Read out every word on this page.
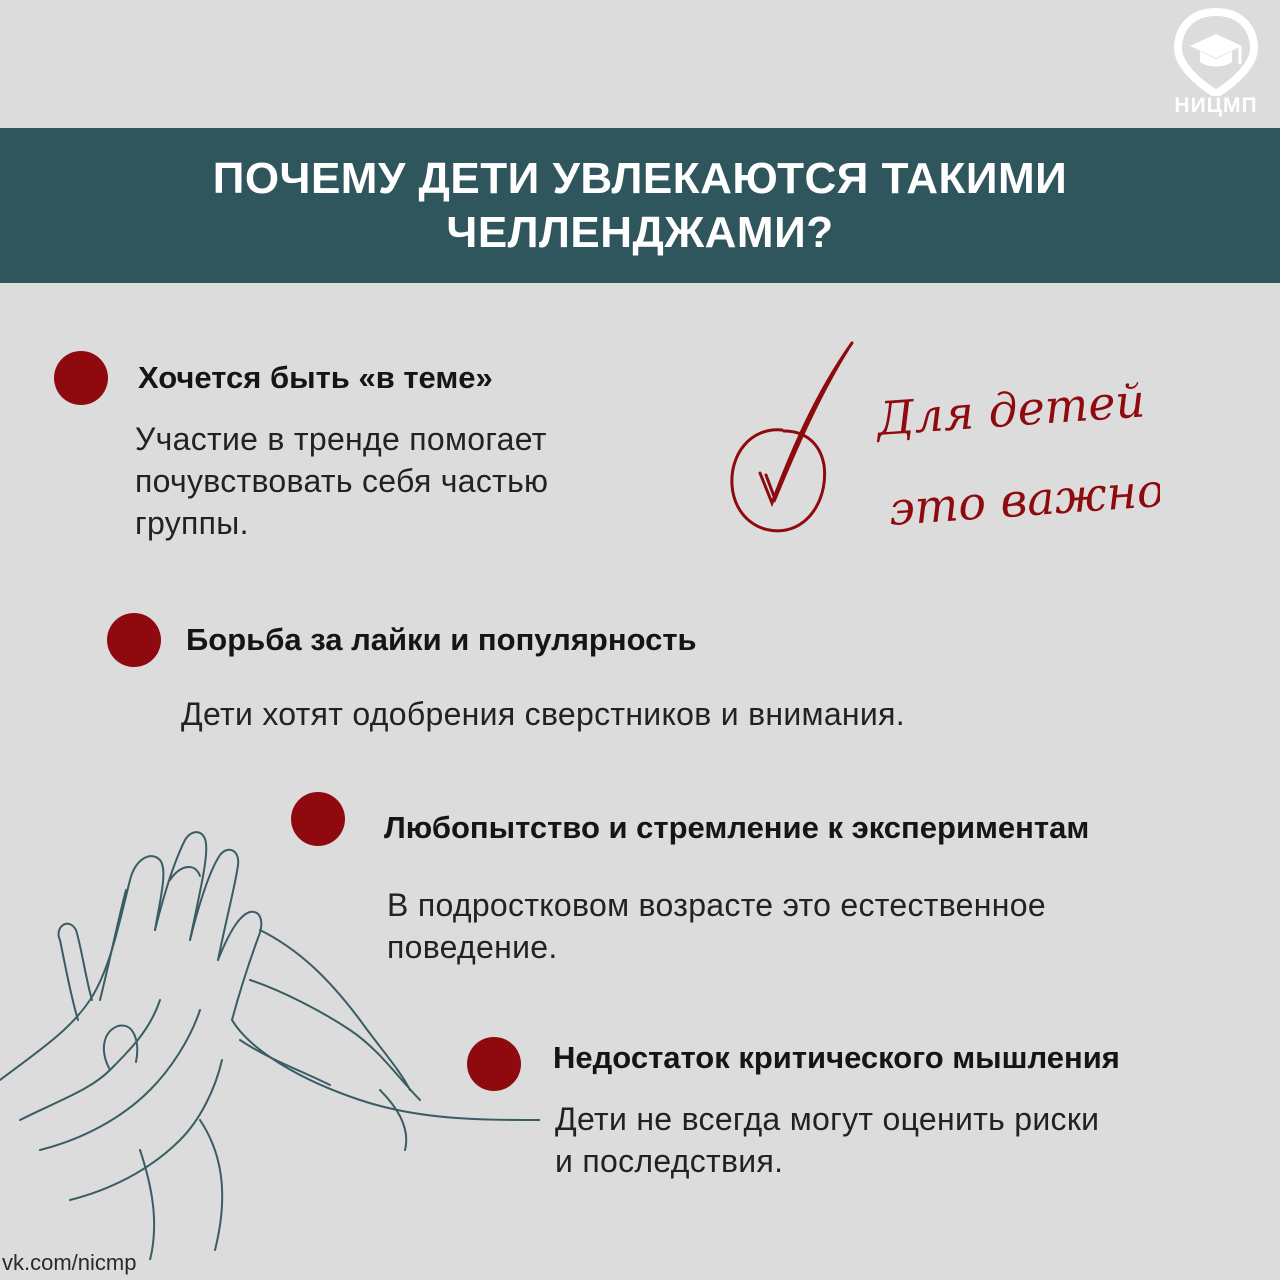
НИЦМП
ПОЧЕМУ ДЕТИ УВЛЕКАЮТСЯ ТАКИМИ
ЧЕЛЛЕНДЖАМИ?
Хочется быть «в теме»
Участие в тренде помогает
почувствовать себя частью
группы.
Для детей
это важно!
Борьба за лайки и популярность
Дети хотят одобрения сверстников и внимания.
Любопытство и стремление к экспериментам
В подростковом возрасте это естественное
поведение.
Недостаток критического мышления
Дети не всегда могут оценить риски
и последствия.
vk.com/nicmp
